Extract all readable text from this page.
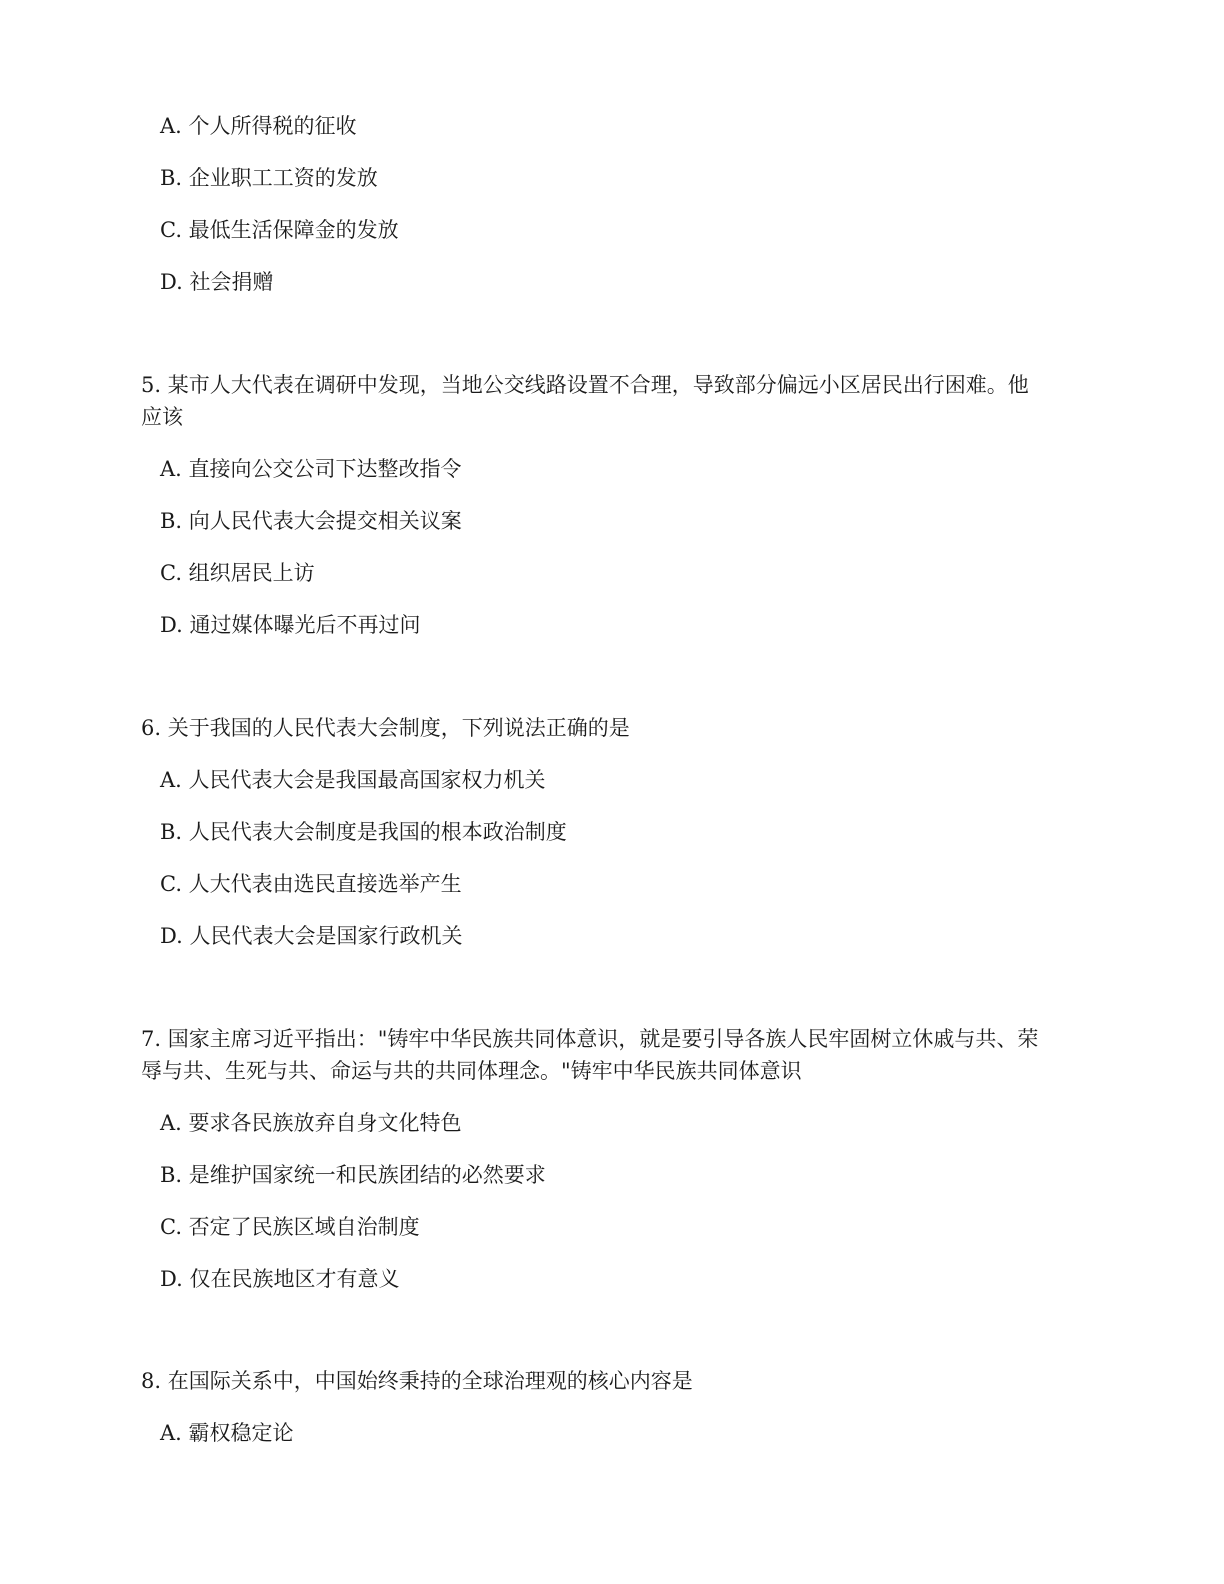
A. 个人所得税的征收

B. 企业职工工资的发放

C. 最低生活保障金的发放

D. 社会捐赠

5. 某市人大代表在调研中发现，当地公交线路设置不合理，导致部分偏远小区居民出行困难。他

应该

A. 直接向公交公司下达整改指令

B. 向人民代表大会提交相关议案

C. 组织居民上访

D. 通过媒体曝光后不再过问

6. 关于我国的人民代表大会制度，下列说法正确的是

A. 人民代表大会是我国最高国家权力机关

B. 人民代表大会制度是我国的根本政治制度

C. 人大代表由选民直接选举产生

D. 人民代表大会是国家行政机关

7. 国家主席习近平指出："铸牢中华民族共同体意识，就是要引导各族人民牢固树立休戚与共、荣

辱与共、生死与共、命运与共的共同体理念。"铸牢中华民族共同体意识

A. 要求各民族放弃自身文化特色

B. 是维护国家统一和民族团结的必然要求

C. 否定了民族区域自治制度

D. 仅在民族地区才有意义

8. 在国际关系中，中国始终秉持的全球治理观的核心内容是

A. 霸权稳定论
